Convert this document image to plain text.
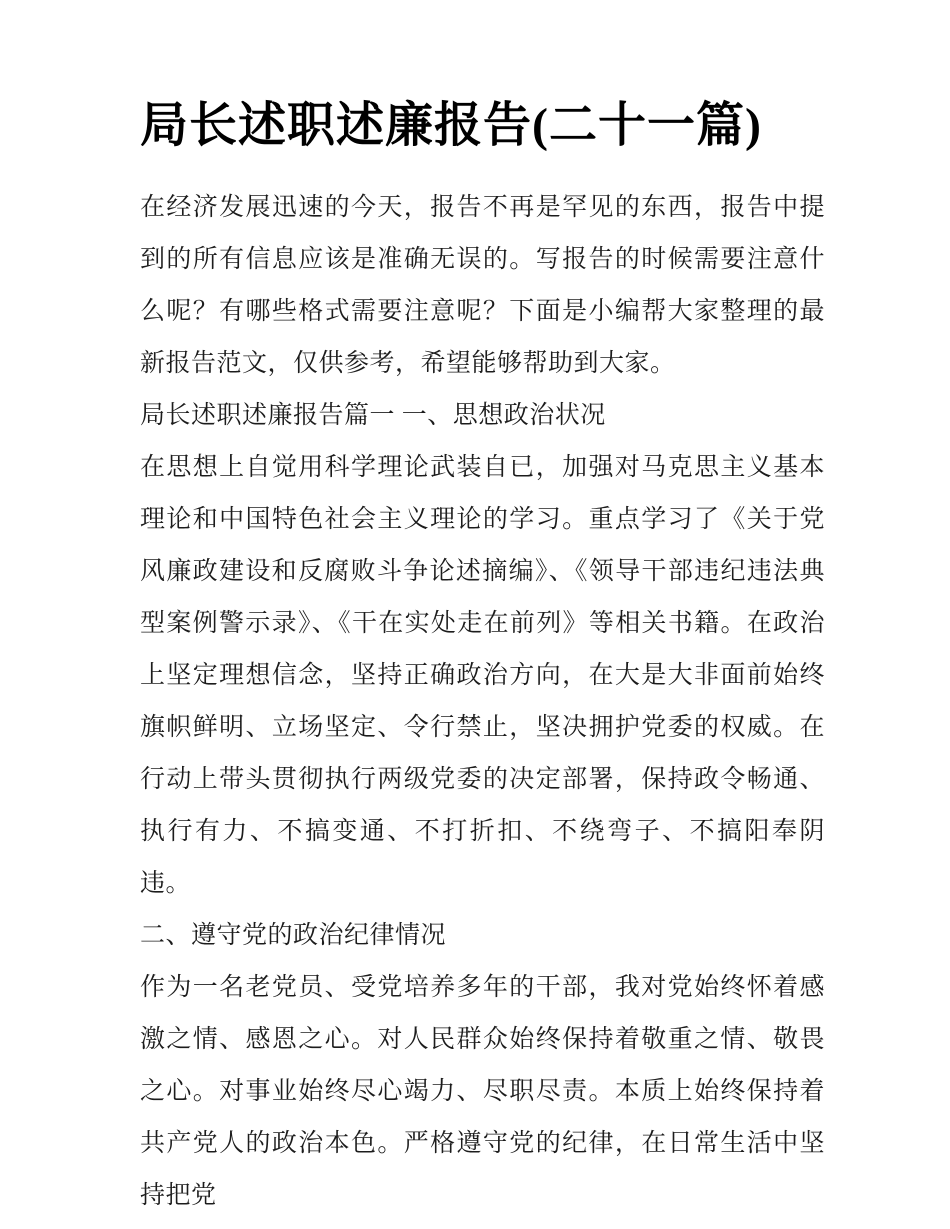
局长述职述廉报告(二十一篇)

在经济发展迅速的今天，报告不再是罕见的东西，报告中提到的所有信息应该是准确无误的。写报告的时候需要注意什么呢？有哪些格式需要注意呢？下面是小编帮大家整理的最新报告范文，仅供参考，希望能够帮助到大家。

局长述职述廉报告篇一 一、思想政治状况

在思想上自觉用科学理论武装自已，加强对马克思主义基本理论和中国特色社会主义理论的学习。重点学习了《关于党风廉政建设和反腐败斗争论述摘编》、《领导干部违纪违法典型案例警示录》、《干在实处走在前列》等相关书籍。在政治上坚定理想信念，坚持正确政治方向，在大是大非面前始终旗帜鲜明、立场坚定、令行禁止，坚决拥护党委的权威。在行动上带头贯彻执行两级党委的决定部署，保持政令畅通、执行有力、不搞变通、不打折扣、不绕弯子、不搞阳奉阴违。

二、遵守党的政治纪律情况

作为一名老党员、受党培养多年的干部，我对党始终怀着感激之情、感恩之心。对人民群众始终保持着敬重之情、敬畏之心。对事业始终尽心竭力、尽职尽责。本质上始终保持着共产党人的政治本色。严格遵守党的纪律，在日常生活中坚持把党
